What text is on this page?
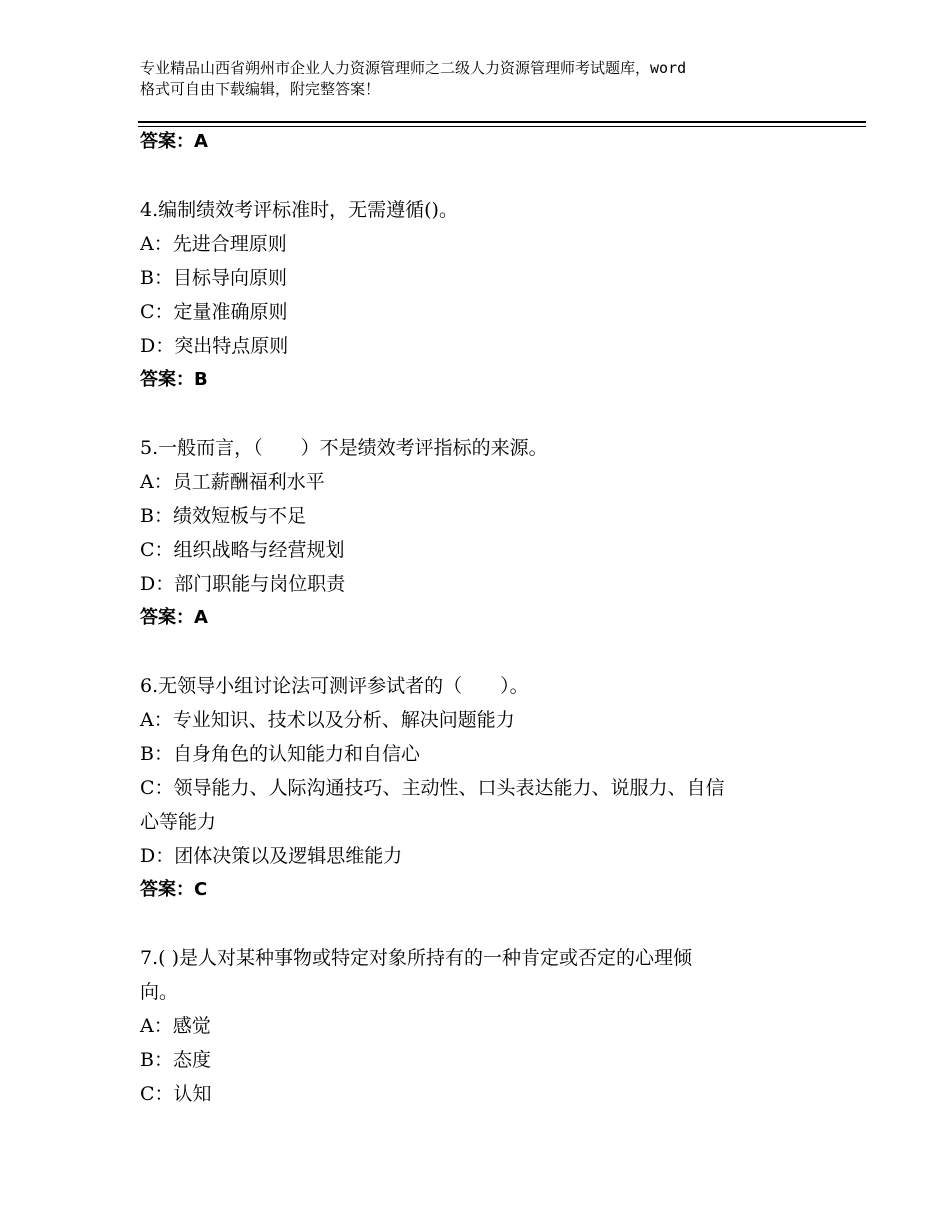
专业精品山西省朔州市企业人力资源管理师之二级人力资源管理师考试题库，word
格式可自由下载编辑，附完整答案！
答案：A
4.编制绩效考评标准时，无需遵循()。
A：先进合理原则
B：目标导向原则
C：定量准确原则
D：突出特点原则
答案：B
5.一般而言，（　　）不是绩效考评指标的来源。
A：员工薪酬福利水平
B：绩效短板与不足
C：组织战略与经营规划
D：部门职能与岗位职责
答案：A
6.无领导小组讨论法可测评参试者的（　　）。
A：专业知识、技术以及分析、解决问题能力
B：自身角色的认知能力和自信心
C：领导能力、人际沟通技巧、主动性、口头表达能力、说服力、自信
心等能力
D：团体决策以及逻辑思维能力
答案：C
7.( )是人对某种事物或特定对象所持有的一种肯定或否定的心理倾
向。
A：感觉
B：态度
C：认知
